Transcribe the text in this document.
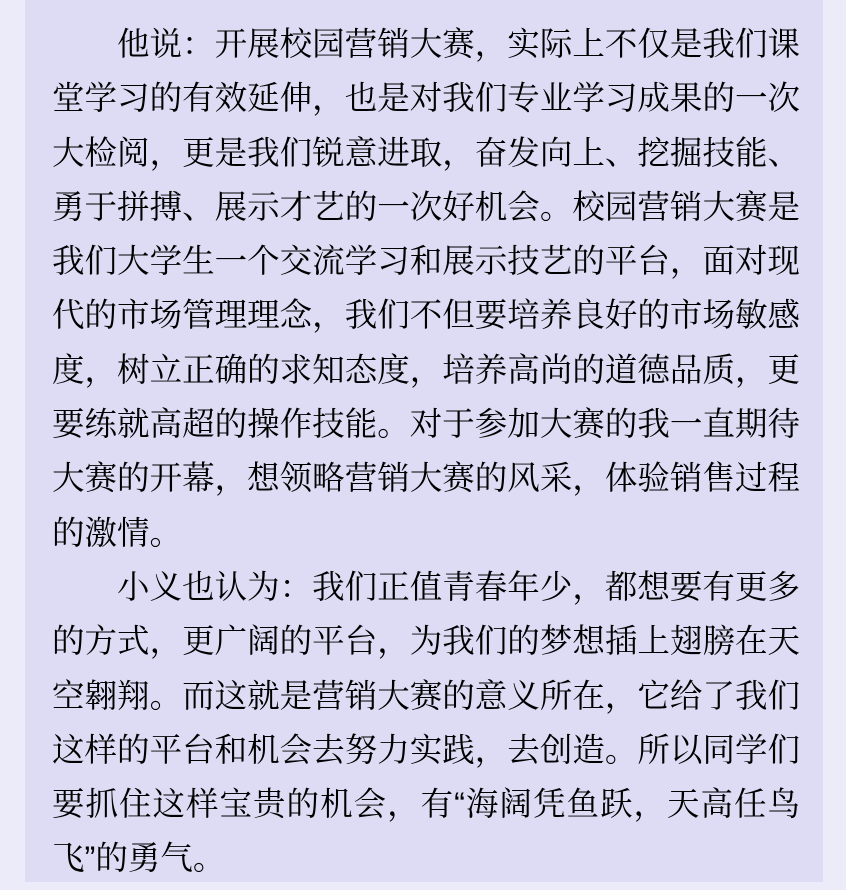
他说：开展校园营销大赛，实际上不仅是我们课
堂学习的有效延伸，也是对我们专业学习成果的一次
大检阅，更是我们锐意进取，奋发向上、挖掘技能、
勇于拼搏、展示才艺的一次好机会。校园营销大赛是
我们大学生一个交流学习和展示技艺的平台，面对现
代的市场管理理念，我们不但要培养良好的市场敏感
度，树立正确的求知态度，培养高尚的道德品质，更
要练就高超的操作技能。对于参加大赛的我一直期待
大赛的开幕，想领略营销大赛的风采，体验销售过程
的激情。
小义也认为：我们正值青春年少，都想要有更多
的方式，更广阔的平台，为我们的梦想插上翅膀在天
空翱翔。而这就是营销大赛的意义所在，它给了我们
这样的平台和机会去努力实践，去创造。所以同学们
要抓住这样宝贵的机会，有“海阔凭鱼跃，天高任鸟
飞”的勇气。
